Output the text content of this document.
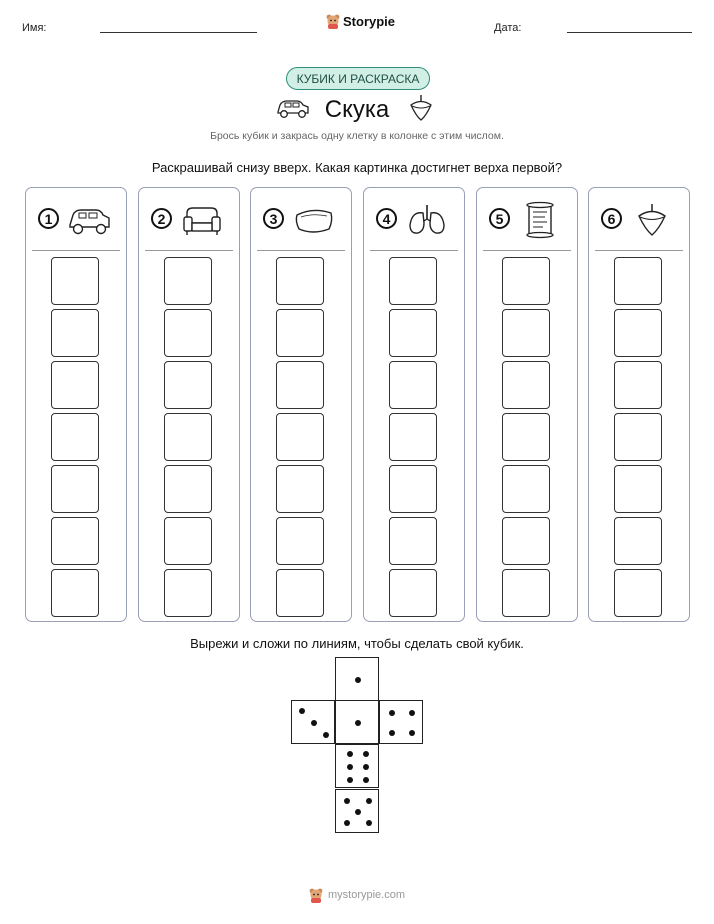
Имя:	Storypie	Дата:
КУБИК И РАСКРАСКА
Скука
Брось кубик и закрась одну клетку в колонке с этим числом.
Раскрашивай снизу вверх. Какая картинка достигнет верха первой?
1	2	3	4	5	6
Вырежи и сложи по линиям, чтобы сделать свой кубик.
mystorypie.com
